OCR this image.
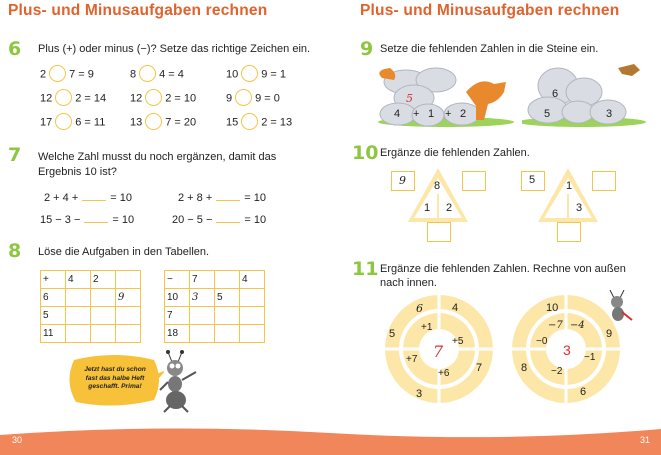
Plus- und Minusaufgaben rechnen	Plus- und Minusaufgaben rechnen
6 Plus (+) oder minus (−)? Setze das richtige Zeichen ein.
2 7 = 9	8 4 = 4	10 9 = 1
12 2 = 14 12 2 = 10	9 9 = 0
17 6 = 11 13 7 = 20	15 2 = 13
7 Welche Zahl musst du noch ergänzen, damit das
Ergebnis 10 ist?
2 + 4 +	= 10	2 + 8 +	= 10
15 − 3 −	= 10	20 − 5 −	= 10
8 Löse die Aufgaben in den Tabellen.
+	4	2	
6			9
5			
11			
−	7		4
10	3	5	
7			
18			
Jetzt hast du schon
fast das halbe Heft
geschafft. Prima!
9 Setze die fehlenden Zahlen in die Steine ein.
5
4 + 1 + 2
6
5	3
10 Ergänze die fehlenden Zahlen.
9	8
1 2
5	1
3
11 Ergänze die fehlenden Zahlen. Rechne von außen
nach innen.
6	4
7
3
5
+1
+5
+6
+7 7
10
9
6
8
−7 −4
−1
−2
−0
3
30	31
